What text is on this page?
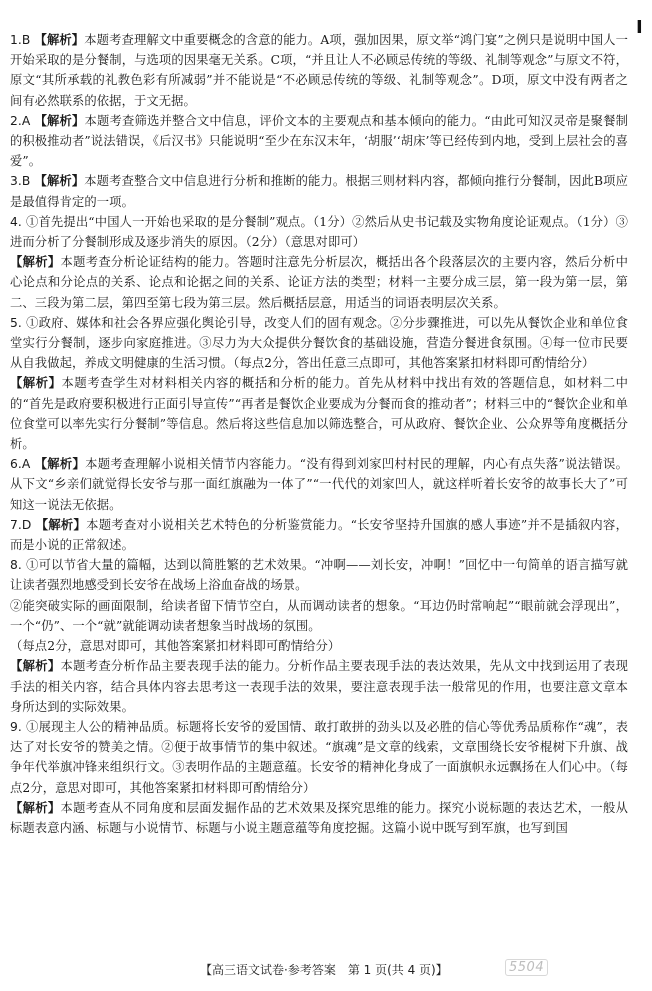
I

1.B 【解析】本题考查理解文中重要概念的含意的能力。A项，强加因果，原文举“鸿门宴”之例只是说明中国人一开始采取的是分餐制，与选项的因果毫无关系。C项，“并且让人不必顾忌传统的等级、礼制等观念”与原文不符，原文“其所承载的礼教色彩有所减弱”并不能说是“不必顾忌传统的等级、礼制等观念”。D项，原文中没有两者之间有必然联系的依据，于文无据。

2.A 【解析】本题考查筛选并整合文中信息，评价文本的主要观点和基本倾向的能力。“由此可知汉灵帝是聚餐制的积极推动者”说法错误，《后汉书》只能说明“至少在东汉末年，‘胡服’‘胡床’等已经传到内地，受到上层社会的喜爱”。

3.B 【解析】本题考查整合文中信息进行分析和推断的能力。根据三则材料内容，都倾向推行分餐制，因此B项应是最值得肯定的一项。

4. ①首先提出“中国人一开始也采取的是分餐制”观点。（1分）②然后从史书记载及实物角度论证观点。（1分）③进而分析了分餐制形成及逐步消失的原因。（2分）（意思对即可）

【解析】本题考查分析论证结构的能力。答题时注意先分析层次，概括出各个段落层次的主要内容，然后分析中心论点和分论点的关系、论点和论据之间的关系、论证方法的类型；材料一主要分成三层，第一段为第一层，第二、三段为第二层，第四至第七段为第三层。然后概括层意，用适当的词语表明层次关系。

5. ①政府、媒体和社会各界应强化舆论引导，改变人们的固有观念。②分步骤推进，可以先从餐饮企业和单位食堂实行分餐制，逐步向家庭推进。③尽力为大众提供分餐饮食的基础设施，营造分餐进食氛围。④每一位市民要从自我做起，养成文明健康的生活习惯。（每点2分，答出任意三点即可，其他答案紧扣材料即可酌情给分）

【解析】本题考查学生对材料相关内容的概括和分析的能力。首先从材料中找出有效的答题信息，如材料二中的“首先是政府要积极进行正面引导宣传”“再者是餐饮企业要成为分餐而食的推动者”；材料三中的“餐饮企业和单位食堂可以率先实行分餐制”等信息。然后将这些信息加以筛选整合，可从政府、餐饮企业、公众界等角度概括分析。

6.A 【解析】本题考查理解小说相关情节内容能力。“没有得到刘家凹村村民的理解，内心有点失落”说法错误。从下文“乡亲们就觉得长安爷与那一面红旗融为一体了”“一代代的刘家凹人，就这样听着长安爷的故事长大了”可知这一说法无依据。

7.D 【解析】本题考查对小说相关艺术特色的分析鉴赏能力。“长安爷坚持升国旗的感人事迹”并不是插叙内容，而是小说的正常叙述。

8. ①可以节省大量的篇幅，达到以简胜繁的艺术效果。“冲啊——刘长安，冲啊！”回忆中一句简单的语言描写就让读者强烈地感受到长安爷在战场上浴血奋战的场景。

②能突破实际的画面限制，给读者留下情节空白，从而调动读者的想象。“耳边仍时常响起”“眼前就会浮现出”，一个“仍”、一个“就”就能调动读者想象当时战场的氛围。

（每点2分，意思对即可，其他答案紧扣材料即可酌情给分）

【解析】本题考查分析作品主要表现手法的能力。分析作品主要表现手法的表达效果，先从文中找到运用了表现手法的相关内容，结合具体内容去思考这一表现手法的效果，要注意表现手法一般常见的作用，也要注意文章本身所达到的实际效果。

9. ①展现主人公的精神品质。标题将长安爷的爱国情、敢打敢拼的劲头以及必胜的信心等优秀品质称作“魂”，表达了对长安爷的赞美之情。②便于故事情节的集中叙述。“旗魂”是文章的线索，文章围绕长安爷棍树下升旗、战争年代举旗冲锋来组织行文。③表明作品的主题意蕴。长安爷的精神化身成了一面旗帜永远飘扬在人们心中。（每点2分，意思对即可，其他答案紧扣材料即可酌情给分）

【解析】本题考查从不同角度和层面发掘作品的艺术效果及探究思维的能力。探究小说标题的表达艺术，一般从标题表意内涵、标题与小说情节、标题与小说主题意蕴等角度挖掘。这篇小说中既写到军旗，也写到国

【高三语文试卷·参考答案　第 1 页(共 4 页)】	5504
